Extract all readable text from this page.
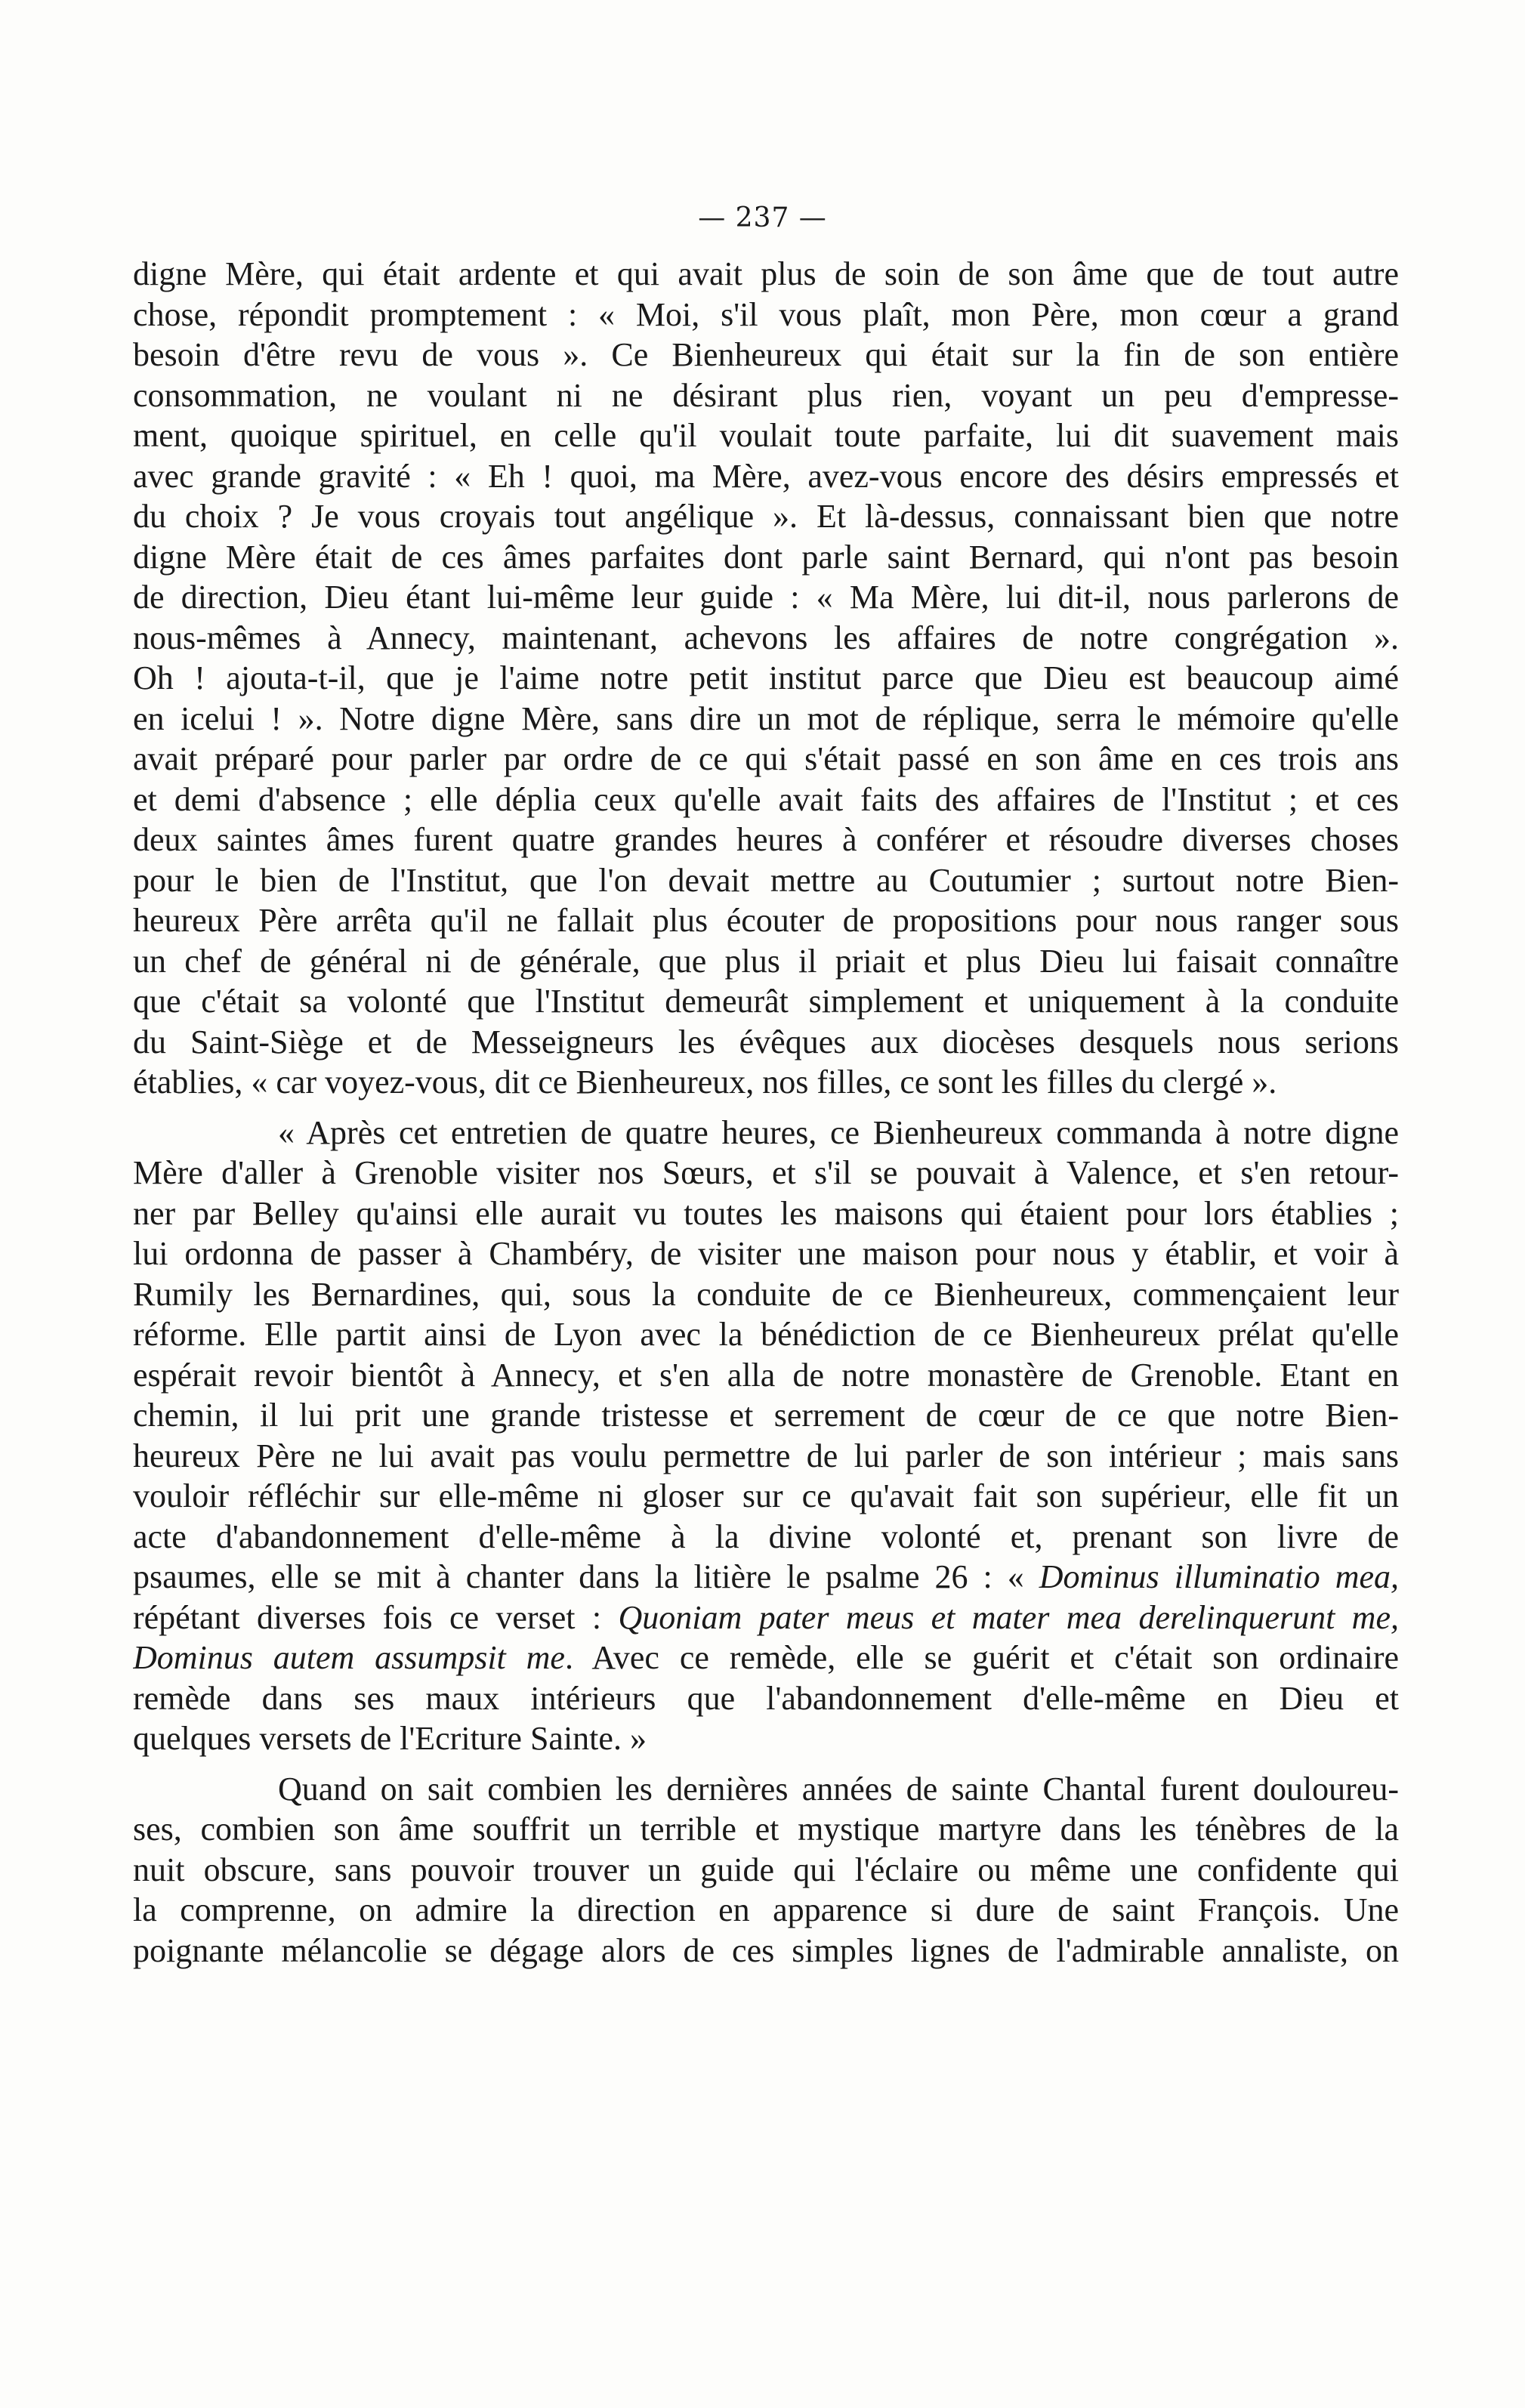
— 237 —

digne Mère, qui était ardente et qui avait plus de soin de son âme que de tout autre
chose, répondit promptement : « Moi, s'il vous plaît, mon Père, mon cœur a grand
besoin d'être revu de vous ». Ce Bienheureux qui était sur la fin de son entière
consommation, ne voulant ni ne désirant plus rien, voyant un peu d'empresse-
ment, quoique spirituel, en celle qu'il voulait toute parfaite, lui dit suavement mais
avec grande gravité : « Eh ! quoi, ma Mère, avez-vous encore des désirs empressés et
du choix ? Je vous croyais tout angélique ». Et là-dessus, connaissant bien que notre
digne Mère était de ces âmes parfaites dont parle saint Bernard, qui n'ont pas besoin
de direction, Dieu étant lui-même leur guide : « Ma Mère, lui dit-il, nous parlerons de
nous-mêmes à Annecy, maintenant, achevons les affaires de notre congrégation ».
Oh ! ajouta-t-il, que je l'aime notre petit institut parce que Dieu est beaucoup aimé
en icelui ! ». Notre digne Mère, sans dire un mot de réplique, serra le mémoire qu'elle
avait préparé pour parler par ordre de ce qui s'était passé en son âme en ces trois ans
et demi d'absence ; elle déplia ceux qu'elle avait faits des affaires de l'Institut ; et ces
deux saintes âmes furent quatre grandes heures à conférer et résoudre diverses choses
pour le bien de l'Institut, que l'on devait mettre au Coutumier ; surtout notre Bien-
heureux Père arrêta qu'il ne fallait plus écouter de propositions pour nous ranger sous
un chef de général ni de générale, que plus il priait et plus Dieu lui faisait connaître
que c'était sa volonté que l'Institut demeurât simplement et uniquement à la conduite
du Saint-Siège et de Messeigneurs les évêques aux diocèses desquels nous serions
établies, « car voyez-vous, dit ce Bienheureux, nos filles, ce sont les filles du clergé ».

« Après cet entretien de quatre heures, ce Bienheureux commanda à notre digne
Mère d'aller à Grenoble visiter nos Sœurs, et s'il se pouvait à Valence, et s'en retour-
ner par Belley qu'ainsi elle aurait vu toutes les maisons qui étaient pour lors établies ;
lui ordonna de passer à Chambéry, de visiter une maison pour nous y établir, et voir à
Rumily les Bernardines, qui, sous la conduite de ce Bienheureux, commençaient leur
réforme. Elle partit ainsi de Lyon avec la bénédiction de ce Bienheureux prélat qu'elle
espérait revoir bientôt à Annecy, et s'en alla de notre monastère de Grenoble. Etant en
chemin, il lui prit une grande tristesse et serrement de cœur de ce que notre Bien-
heureux Père ne lui avait pas voulu permettre de lui parler de son intérieur ; mais sans
vouloir réfléchir sur elle-même ni gloser sur ce qu'avait fait son supérieur, elle fit un
acte d'abandonnement d'elle-même à la divine volonté et, prenant son livre de
psaumes, elle se mit à chanter dans la litière le psalme 26 : « Dominus illuminatio mea,
répétant diverses fois ce verset : Quoniam pater meus et mater mea derelinquerunt me,
Dominus autem assumpsit me. Avec ce remède, elle se guérit et c'était son ordinaire
remède dans ses maux intérieurs que l'abandonnement d'elle-même en Dieu et
quelques versets de l'Ecriture Sainte. »

Quand on sait combien les dernières années de sainte Chantal furent douloureu-
ses, combien son âme souffrit un terrible et mystique martyre dans les ténèbres de la
nuit obscure, sans pouvoir trouver un guide qui l'éclaire ou même une confidente qui
la comprenne, on admire la direction en apparence si dure de saint François. Une
poignante mélancolie se dégage alors de ces simples lignes de l'admirable annaliste, on
